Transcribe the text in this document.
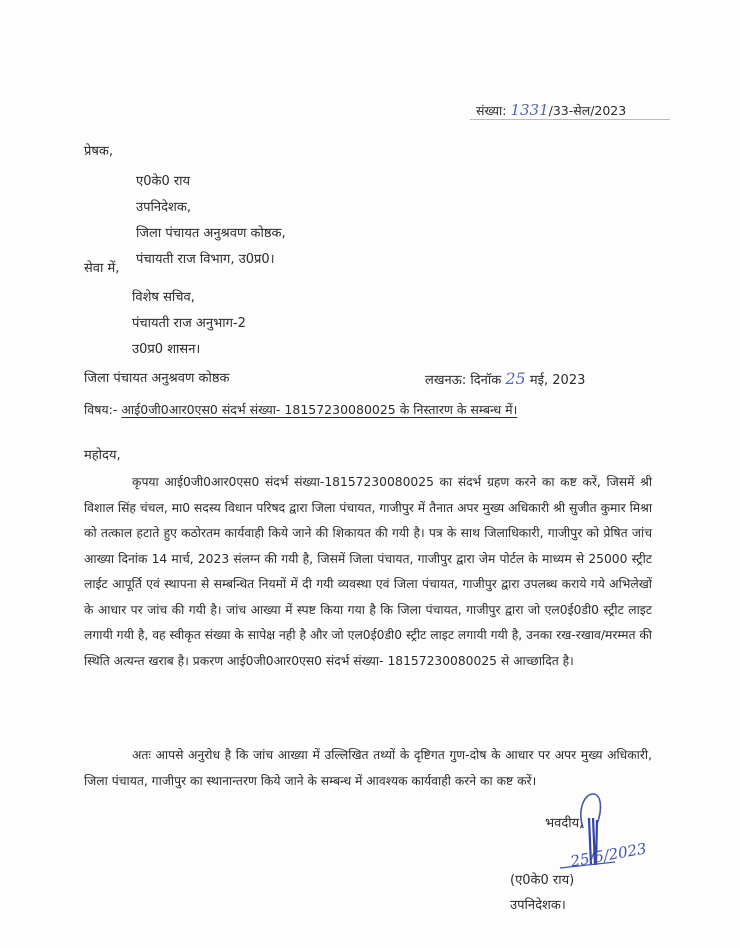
संख्या: 1331/33-सेल/2023
प्रेषक,
ए0के0 राय
उपनिदेशक,
जिला पंचायत अनुश्रवण कोष्ठक,
पंचायती राज विभाग, उ0प्र0।
सेवा में,
विशेष सचिव,
पंचायती राज अनुभाग-2
उ0प्र0 शासन।
जिला पंचायत अनुश्रवण कोष्ठक	लखनऊ: दिनॉक 25 मई, 2023
विषय:- आई0जी0आर0एस0 संदर्भ संख्या- 18157230080025 के निस्तारण के सम्बन्ध में।
महोदय,
कृपया आई0जी0आर0एस0 संदर्भ संख्या-18157230080025 का संदर्भ ग्रहण करने का कष्ट करें, जिसमें श्री विशाल सिंह चंचल, मा0 सदस्य विधान परिषद द्वारा जिला पंचायत, गाजीपुर में तैनात अपर मुख्य अधिकारी श्री सुजीत कुमार मिश्रा को तत्काल हटाते हुए कठोरतम कार्यवाही किये जाने की शिकायत की गयी है। पत्र के साथ जिलाधिकारी, गाजीपुर को प्रेषित जांच आख्या दिनांक 14 मार्च, 2023 संलग्न की गयी है, जिसमें जिला पंचायत, गाजीपुर द्वारा जेम पोर्टल के माध्यम से 25000 स्ट्रीट लाईट आपूर्ति एवं स्थापना से सम्बन्धित नियमों में दी गयी व्यवस्था एवं जिला पंचायत, गाजीपुर द्वारा उपलब्ध कराये गये अभिलेखों के आधार पर जांच की गयी है। जांच आख्या में स्पष्ट किया गया है कि जिला पंचायत, गाजीपुर द्वारा जो एल0ई0डी0 स्ट्रीट लाइट लगायी गयी है, वह स्वीकृत संख्या के सापेक्ष नही है और जो एल0ई0डी0 स्ट्रीट लाइट लगायी गयी है, उनका रख-रखाव/मरम्मत की स्थिति अत्यन्त खराब है। प्रकरण आई0जी0आर0एस0 संदर्भ संख्या- 18157230080025 से आच्छादित है।
अतः आपसे अनुरोध है कि जांच आख्या में उल्लिखित तथ्यों के दृष्टिगत गुण-दोष के आधार पर अपर मुख्य अधिकारी, जिला पंचायत, गाजीपुर का स्थानान्तरण किये जाने के सम्बन्ध में आवश्यक कार्यवाही करने का कष्ट करें।
भवदीय,
25/5/2023
(ए0के0 राय)
उपनिदेशक।
